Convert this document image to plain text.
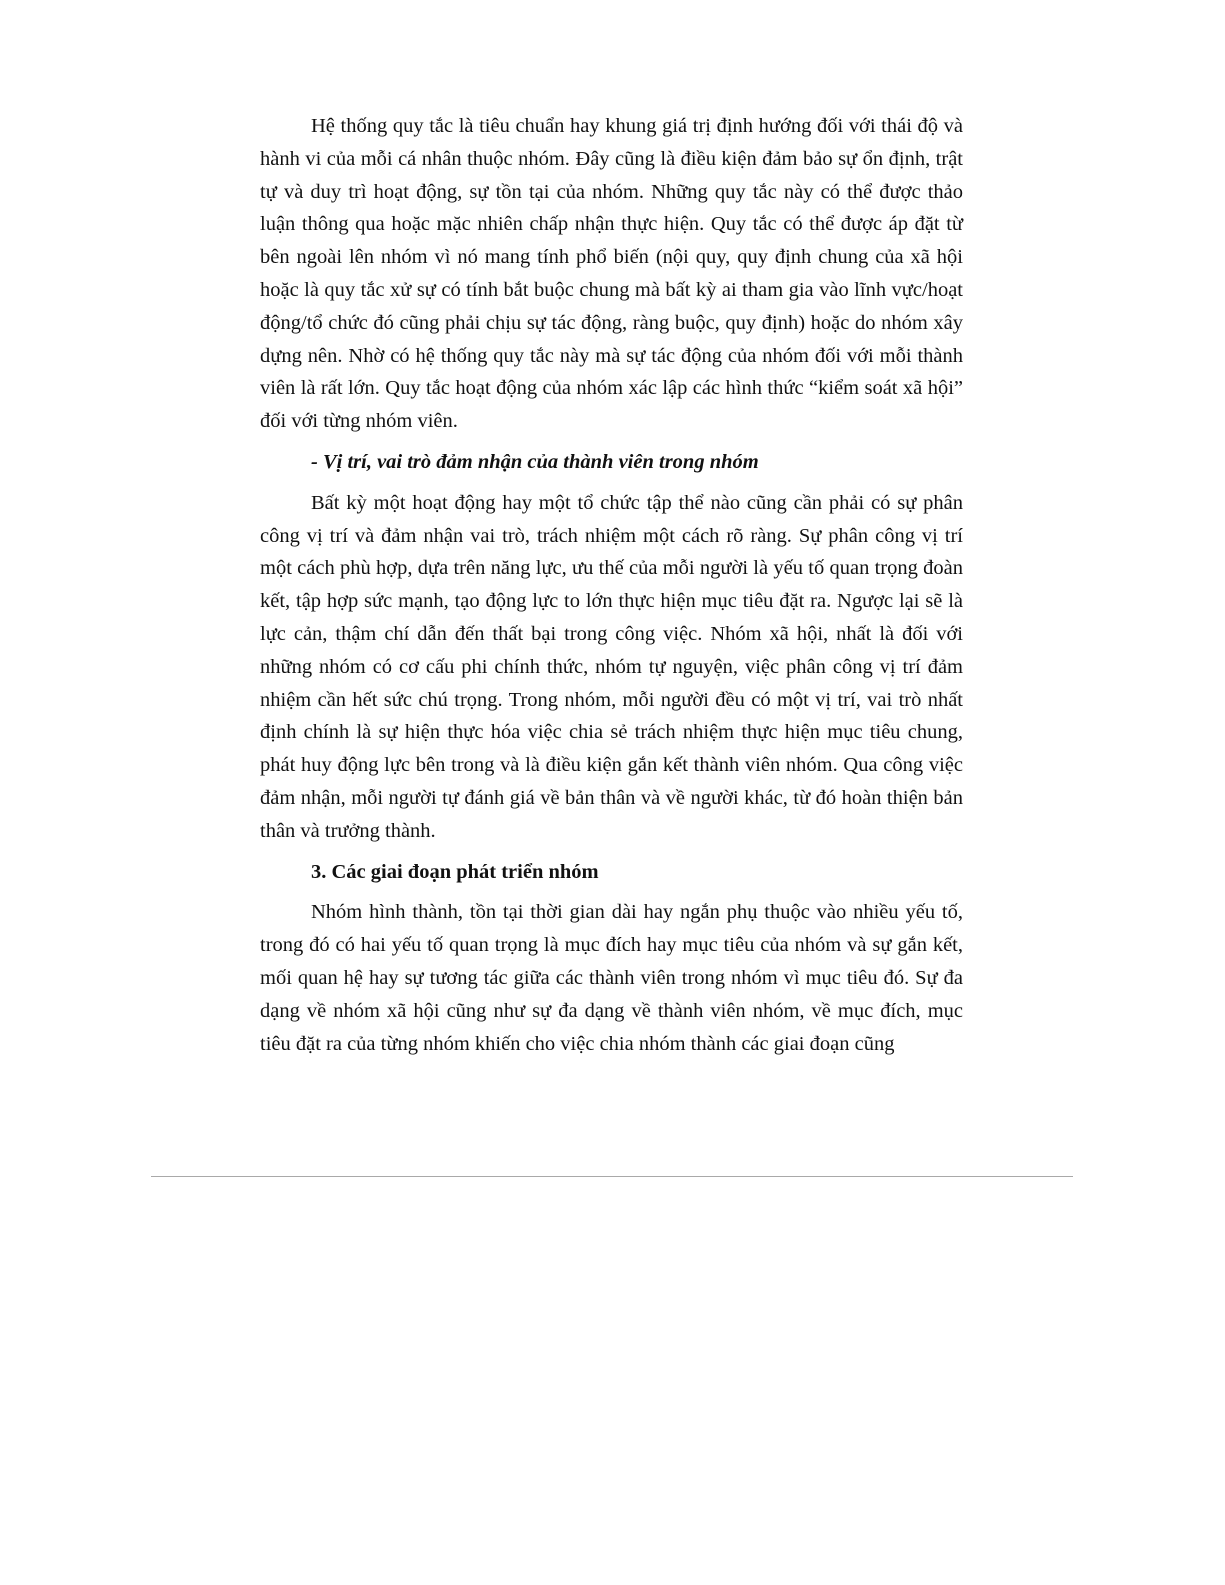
Hệ thống quy tắc là tiêu chuẩn hay khung giá trị định hướng đối với thái độ và hành vi của mỗi cá nhân thuộc nhóm. Đây cũng là điều kiện đảm bảo sự ổn định, trật tự và duy trì hoạt động, sự tồn tại của nhóm. Những quy tắc này có thể được thảo luận thông qua hoặc mặc nhiên chấp nhận thực hiện. Quy tắc có thể được áp đặt từ bên ngoài lên nhóm vì nó mang tính phổ biến (nội quy, quy định chung của xã hội hoặc là quy tắc xử sự có tính bắt buộc chung mà bất kỳ ai tham gia vào lĩnh vực/hoạt động/tổ chức đó cũng phải chịu sự tác động, ràng buộc, quy định) hoặc do nhóm xây dựng nên. Nhờ có hệ thống quy tắc này mà sự tác động của nhóm đối với mỗi thành viên là rất lớn. Quy tắc hoạt động của nhóm xác lập các hình thức “kiểm soát xã hội” đối với từng nhóm viên.

- Vị trí, vai trò đảm nhận của thành viên trong nhóm

Bất kỳ một hoạt động hay một tổ chức tập thể nào cũng cần phải có sự phân công vị trí và đảm nhận vai trò, trách nhiệm một cách rõ ràng. Sự phân công vị trí một cách phù hợp, dựa trên năng lực, ưu thế của mỗi người là yếu tố quan trọng đoàn kết, tập hợp sức mạnh, tạo động lực to lớn thực hiện mục tiêu đặt ra. Ngược lại sẽ là lực cản, thậm chí dẫn đến thất bại trong công việc. Nhóm xã hội, nhất là đối với những nhóm có cơ cấu phi chính thức, nhóm tự nguyện, việc phân công vị trí đảm nhiệm cần hết sức chú trọng. Trong nhóm, mỗi người đều có một vị trí, vai trò nhất định chính là sự hiện thực hóa việc chia sẻ trách nhiệm thực hiện mục tiêu chung, phát huy động lực bên trong và là điều kiện gắn kết thành viên nhóm. Qua công việc đảm nhận, mỗi người tự đánh giá về bản thân và về người khác, từ đó hoàn thiện bản thân và trưởng thành.

3. Các giai đoạn phát triển nhóm

Nhóm hình thành, tồn tại thời gian dài hay ngắn phụ thuộc vào nhiều yếu tố, trong đó có hai yếu tố quan trọng là mục đích hay mục tiêu của nhóm và sự gắn kết, mối quan hệ hay sự tương tác giữa các thành viên trong nhóm vì mục tiêu đó. Sự đa dạng về nhóm xã hội cũng như sự đa dạng về thành viên nhóm, về mục đích, mục tiêu đặt ra của từng nhóm khiến cho việc chia nhóm thành các giai đoạn cũng
